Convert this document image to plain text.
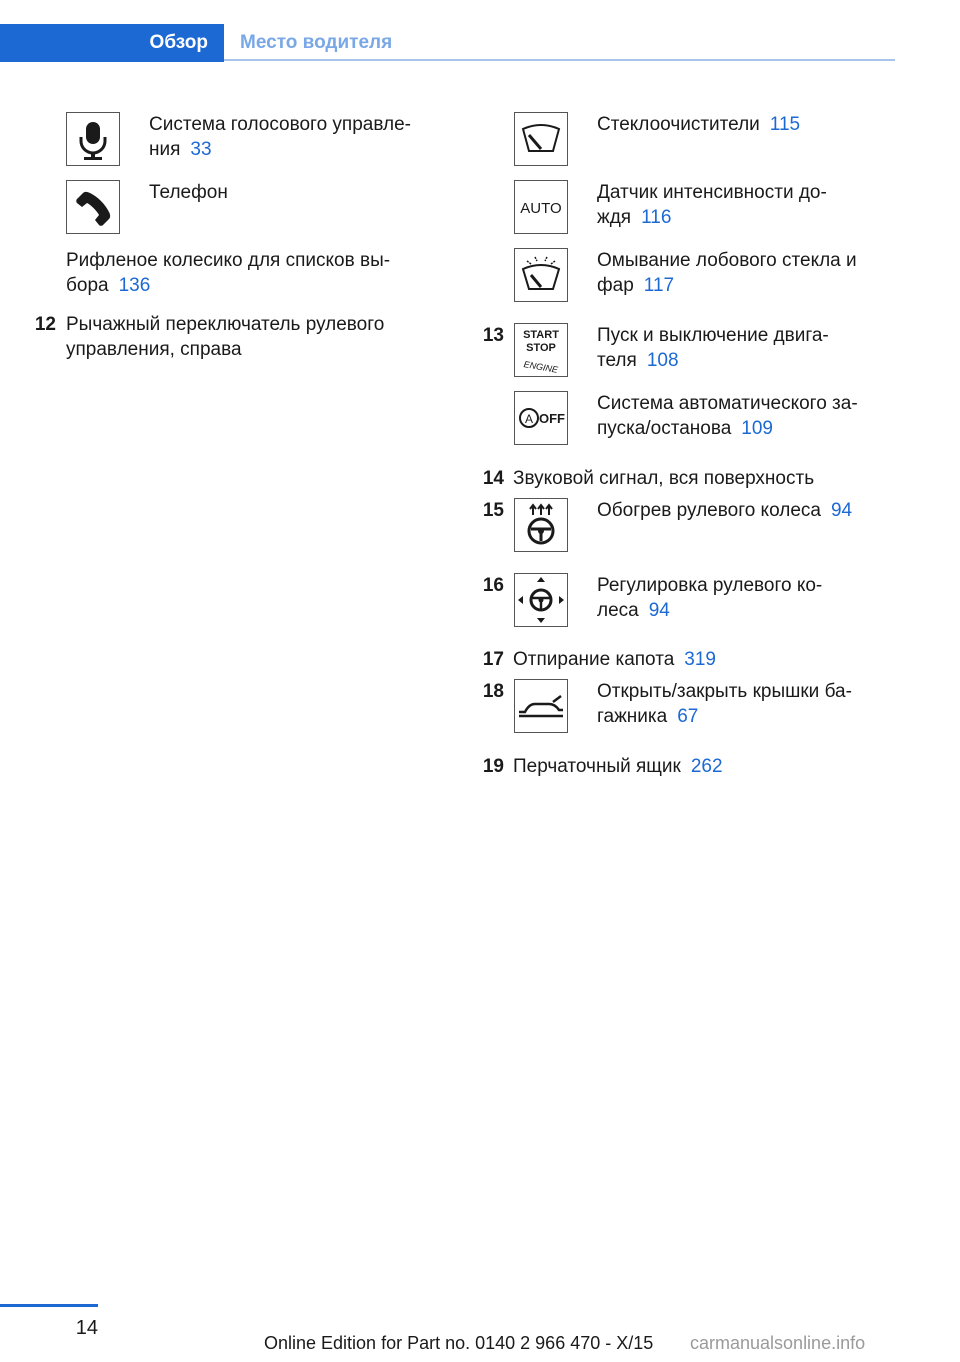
Обзор	Место водителя
Система голосового управле-
ния 33
Телефон
Рифленое колесико для списков вы-
бора 136
12 Рычажный переключатель рулевого
управления, справа
Стеклоочистители 115
AUTO
Датчик интенсивности до-
ждя 116
Омывание лобового стекла и
фар 117
13 START
STOP
ENGINE
Пуск и выключение двига-
теля 108
A OFF
Система автоматического за-
пуска/останова 109
14 Звуковой сигнал, вся поверхность
15	Обогрев рулевого колеса 94
16	Регулировка рулевого ко-
леса 94
17 Отпирание капота 319
18	Открыть/закрыть крышки ба-
гажника 67
19 Перчаточный ящик 262
14
Online Edition for Part no. 0140 2 966 470 - X/15 carmanualsonline.info
